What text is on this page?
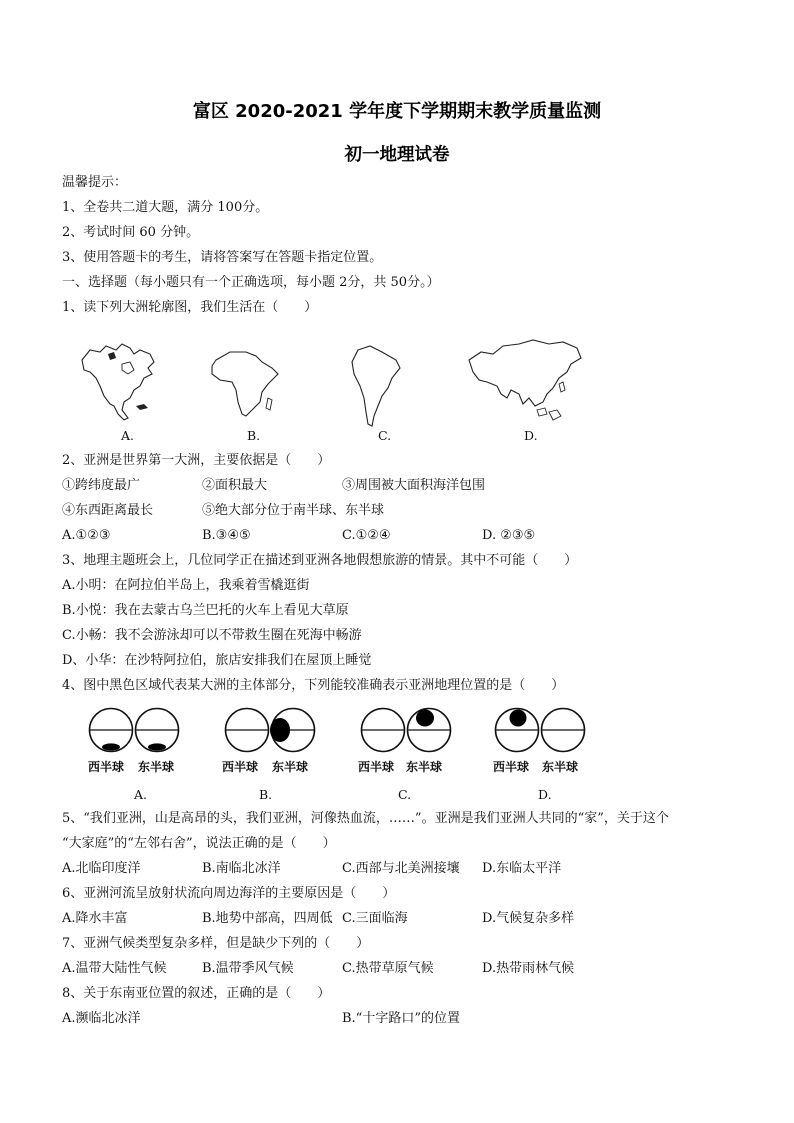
富区 2020-2021 学年度下学期期末教学质量监测
初一地理试卷
温馨提示：
1、全卷共二道大题，满分 100分。
2、考试时间 60 分钟。
3、使用答题卡的考生，请将答案写在答题卡指定位置。
一、选择题（每小题只有一个正确选项，每小题 2分，共 50分。）
1、读下列大洲轮廓图，我们生活在（　　）
A.	B.	C.	D.
2、亚洲是世界第一大洲，主要依据是（　　）
①跨纬度最广	②面积最大	③周围被大面积海洋包围
④东西距离最长	⑤绝大部分位于南半球、东半球
A.①②③	B.③④⑤	C.①②④	D. ②③⑤
3、地理主题班会上，几位同学正在描述到亚洲各地假想旅游的情景。其中不可能（　　）
A.小明：在阿拉伯半岛上，我乘着雪橇逛街
B.小悦：我在去蒙古乌兰巴托的火车上看见大草原
C.小畅：我不会游泳却可以不带救生圈在死海中畅游
D、小华：在沙特阿拉伯，旅店安排我们在屋顶上睡觉
4、图中黑色区域代表某大洲的主体部分，下列能较准确表示亚洲地理位置的是（　　）
西半球 东半球	西半球 东半球	西半球 东半球	西半球 东半球
A.	B.	C.	D.
5、“我们亚洲，山是高昂的头，我们亚洲，河像热血流，……”。亚洲是我们亚洲人共同的“家”，关于这个
“大家庭”的“左邻右舍”，说法正确的是（　　）
A.北临印度洋	B.南临北冰洋	C.西部与北美洲接壤 D.东临太平洋
6、亚洲河流呈放射状流向周边海洋的主要原因是（　　）
A.降水丰富	B.地势中部高，四周低 C.三面临海	D.气候复杂多样
7、亚洲气候类型复杂多样，但是缺少下列的（　　）
A.温带大陆性气候	B.温带季风气候	C.热带草原气候	D.热带雨林气候
8、关于东南亚位置的叙述，正确的是（　　）
A.濒临北冰洋	B.“十字路口”的位置
